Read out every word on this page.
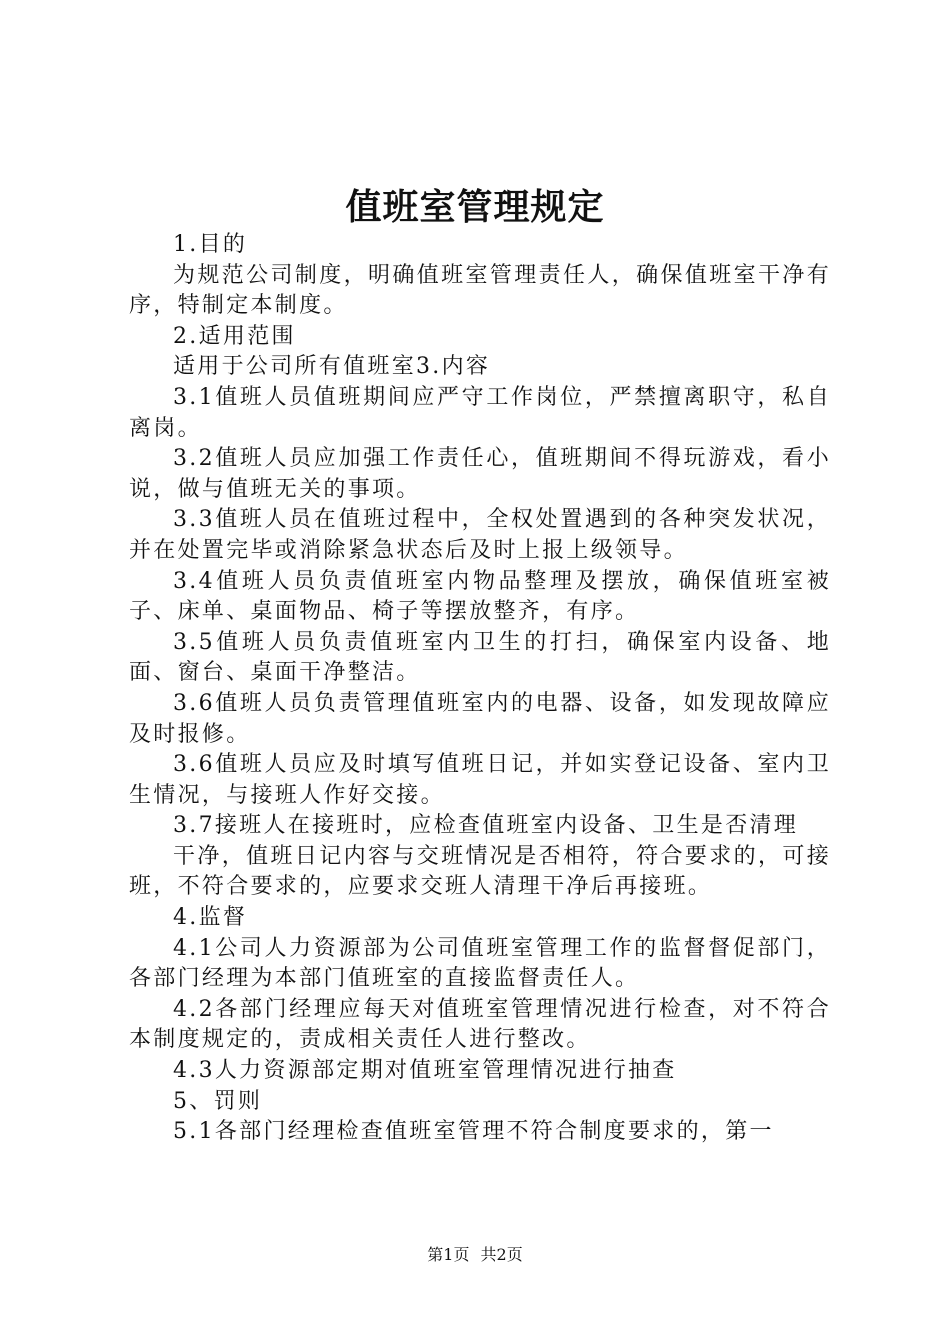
值班室管理规定

1.目的

为规范公司制度，明确值班室管理责任人，确保值班室干净有序，特制定本制度。

2.适用范围

适用于公司所有值班室3.内容

3.1值班人员值班期间应严守工作岗位，严禁擅离职守，私自离岗。

3.2值班人员应加强工作责任心，值班期间不得玩游戏，看小说，做与值班无关的事项。

3.3值班人员在值班过程中，全权处置遇到的各种突发状况，并在处置完毕或消除紧急状态后及时上报上级领导。

3.4值班人员负责值班室内物品整理及摆放，确保值班室被子、床单、桌面物品、椅子等摆放整齐，有序。

3.5值班人员负责值班室内卫生的打扫，确保室内设备、地面、窗台、桌面干净整洁。

3.6值班人员负责管理值班室内的电器、设备，如发现故障应及时报修。

3.6值班人员应及时填写值班日记，并如实登记设备、室内卫生情况，与接班人作好交接。

3.7接班人在接班时，应检查值班室内设备、卫生是否清理

干净，值班日记内容与交班情况是否相符，符合要求的，可接班，不符合要求的，应要求交班人清理干净后再接班。

4.监督

4.1公司人力资源部为公司值班室管理工作的监督督促部门，各部门经理为本部门值班室的直接监督责任人。

4.2各部门经理应每天对值班室管理情况进行检查，对不符合本制度规定的，责成相关责任人进行整改。

4.3人力资源部定期对值班室管理情况进行抽查

5、罚则

5.1各部门经理检查值班室管理不符合制度要求的，第一

第1页 共2页
